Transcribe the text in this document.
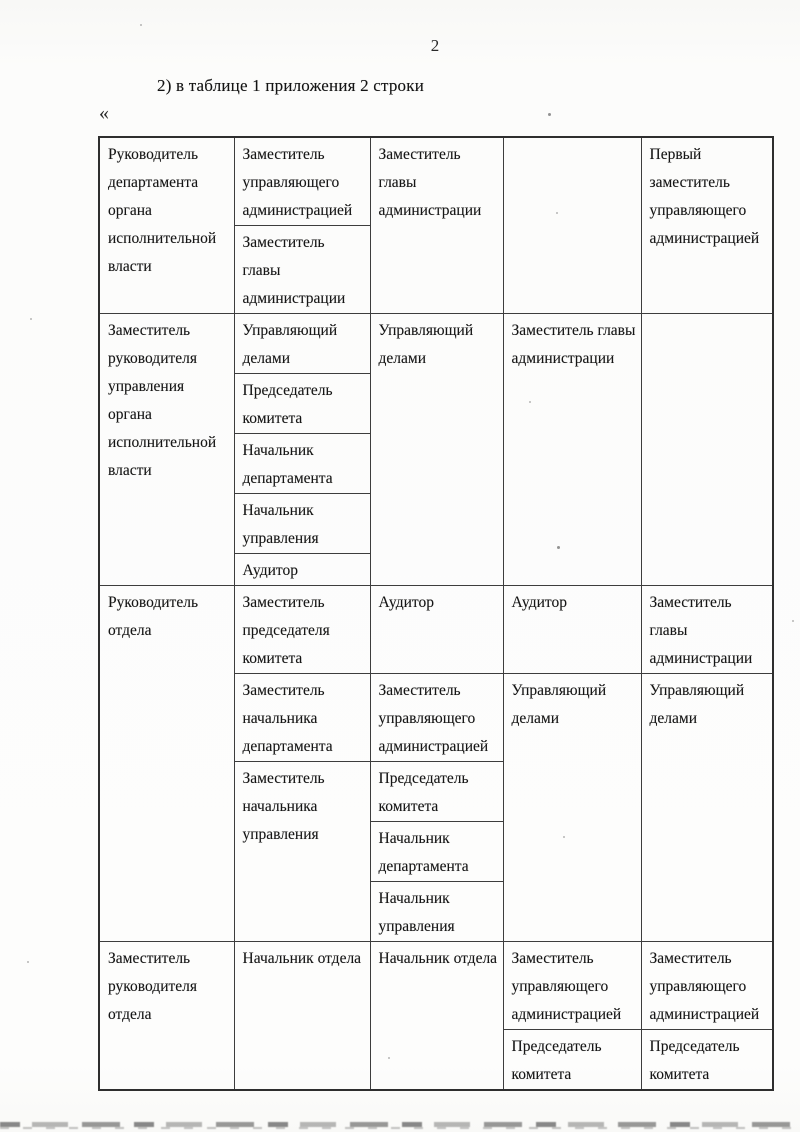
2
2) в таблице 1 приложения 2 строки
«
Руководитель департамента органа исполнительной власти	Заместитель управляющего администрацией	Заместитель главы администрации		Первый заместитель управляющего администрацией
	Заместитель главы администрации			
Заместитель руководителя управления органа исполнительной власти	Управляющий делами	Управляющий делами	Заместитель главы администрации	
	Председатель комитета			
	Начальник департамента			
	Начальник управления			
	Аудитор			
Руководитель отдела	Заместитель председателя комитета	Аудитор	Аудитор	Заместитель главы администрации
	Заместитель начальника департамента	Заместитель управляющего администрацией	Управляющий делами	Управляющий делами
	Заместитель начальника управления	Председатель комитета		
		Начальник департамента		
		Начальник управления		
Заместитель руководителя отдела	Начальник отдела	Начальник отдела	Заместитель управляющего администрацией	Заместитель управляющего администрацией
			Председатель комитета	Председатель комитета
